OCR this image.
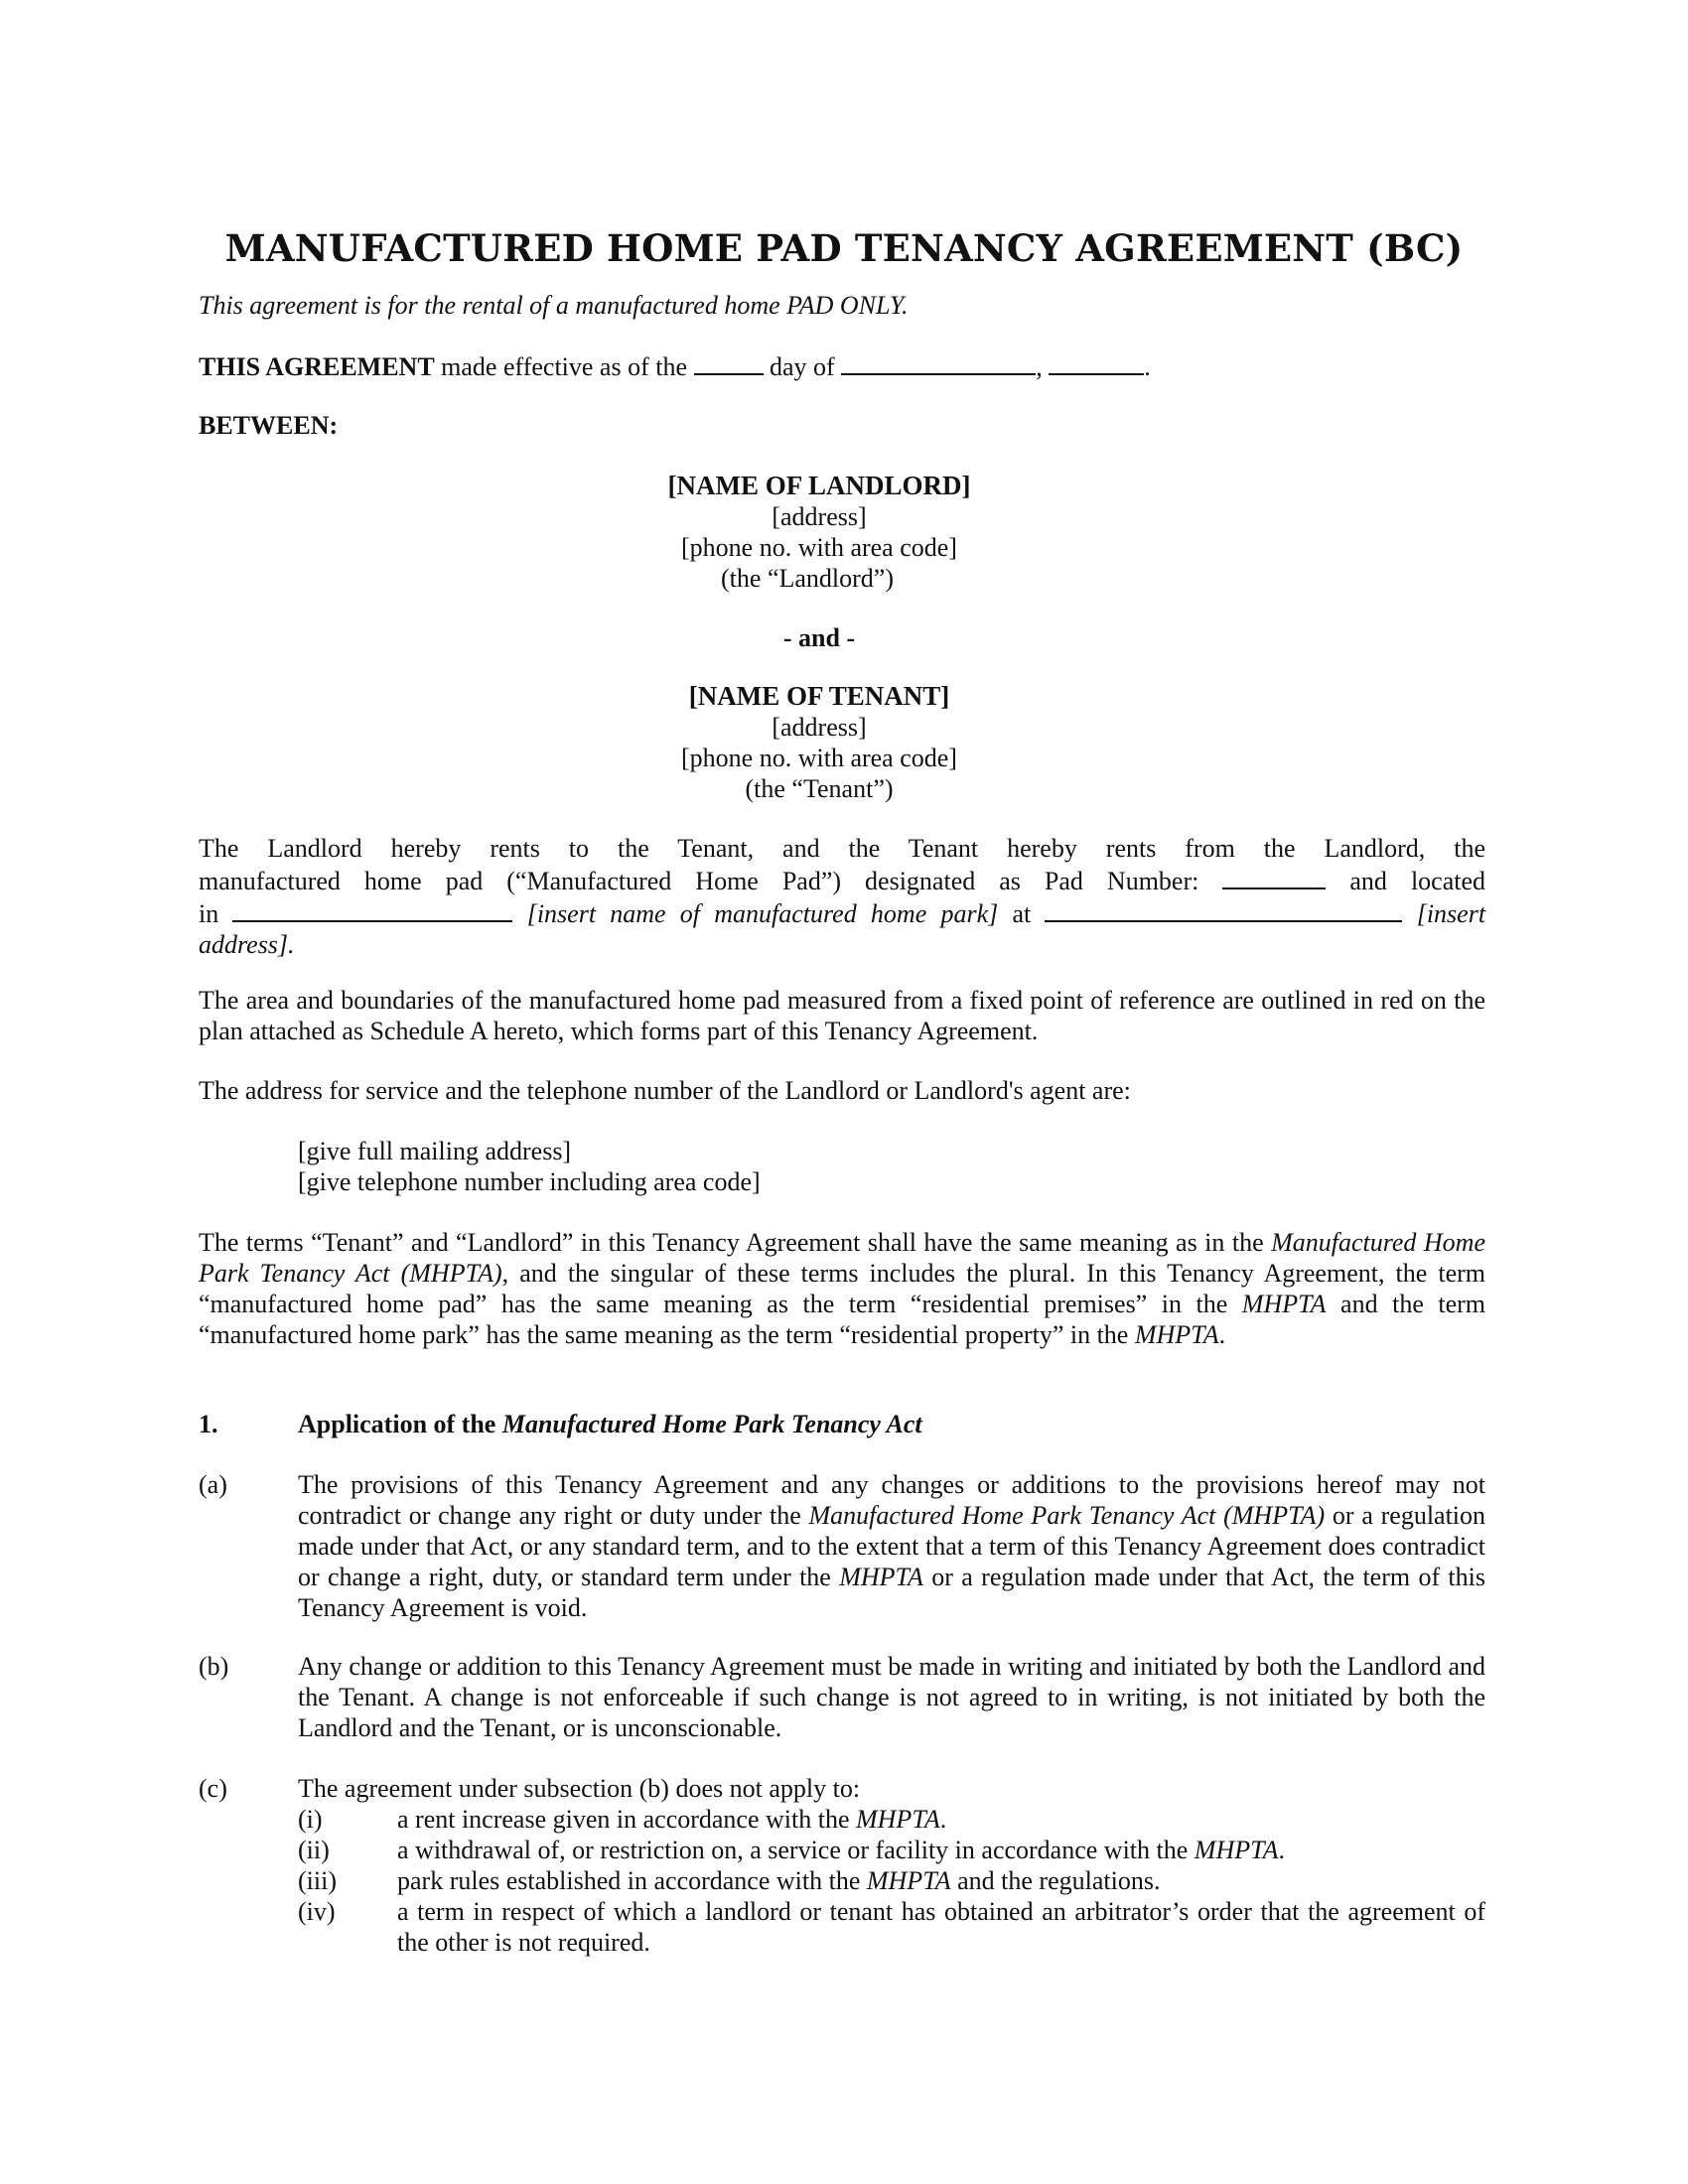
MANUFACTURED HOME PAD TENANCY AGREEMENT (BC)
This agreement is for the rental of a manufactured home PAD ONLY.
THIS AGREEMENT made effective as of the	day of	,	.
BETWEEN:
[NAME OF LANDLORD]
[address]
[phone no. with area code]
(the “Landlord”)
- and -
[NAME OF TENANT]
[address]
[phone no. with area code]
(the “Tenant”)

The Landlord hereby rents to the Tenant, and the Tenant hereby rents from the Landlord, the

manufactured home pad (“Manufactured Home Pad”) designated as Pad Number:	and located

in	[insert name of manufactured home park] at	[insert

address].

The area and boundaries of the manufactured home pad measured from a fixed point of reference are outlined in red on the plan attached as Schedule A hereto, which forms part of this Tenancy Agreement.
The address for service and the telephone number of the Landlord or Landlord's agent are:
[give full mailing address]
[give telephone number including area code]
The terms “Tenant” and “Landlord” in this Tenancy Agreement shall have the same meaning as in the Manufactured Home Park Tenancy Act (MHPTA), and the singular of these terms includes the plural. In this Tenancy Agreement, the term “manufactured home pad” has the same meaning as the term “residential premises” in the MHPTA and the term “manufactured home park” has the same meaning as the term “residential property” in the MHPTA.
1.	Application of the Manufactured Home Park Tenancy Act
(a)	The provisions of this Tenancy Agreement and any changes or additions to the provisions hereof may not contradict or change any right or duty under the Manufactured Home Park Tenancy Act (MHPTA) or a regulation made under that Act, or any standard term, and to the extent that a term of this Tenancy Agreement does contradict or change a right, duty, or standard term under the MHPTA or a regulation made under that Act, the term of this Tenancy Agreement is void.
(b)	Any change or addition to this Tenancy Agreement must be made in writing and initiated by both the Landlord and the Tenant. A change is not enforceable if such change is not agreed to in writing, is not initiated by both the Landlord and the Tenant, or is unconscionable.
(c)	The agreement under subsection (b) does not apply to:
(i)	a rent increase given in accordance with the MHPTA.
(ii)	a withdrawal of, or restriction on, a service or facility in accordance with the MHPTA.
(iii) park rules established in accordance with the MHPTA and the regulations.
(iv) a term in respect of which a landlord or tenant has obtained an arbitrator’s order that the agreement of the other is not required.
